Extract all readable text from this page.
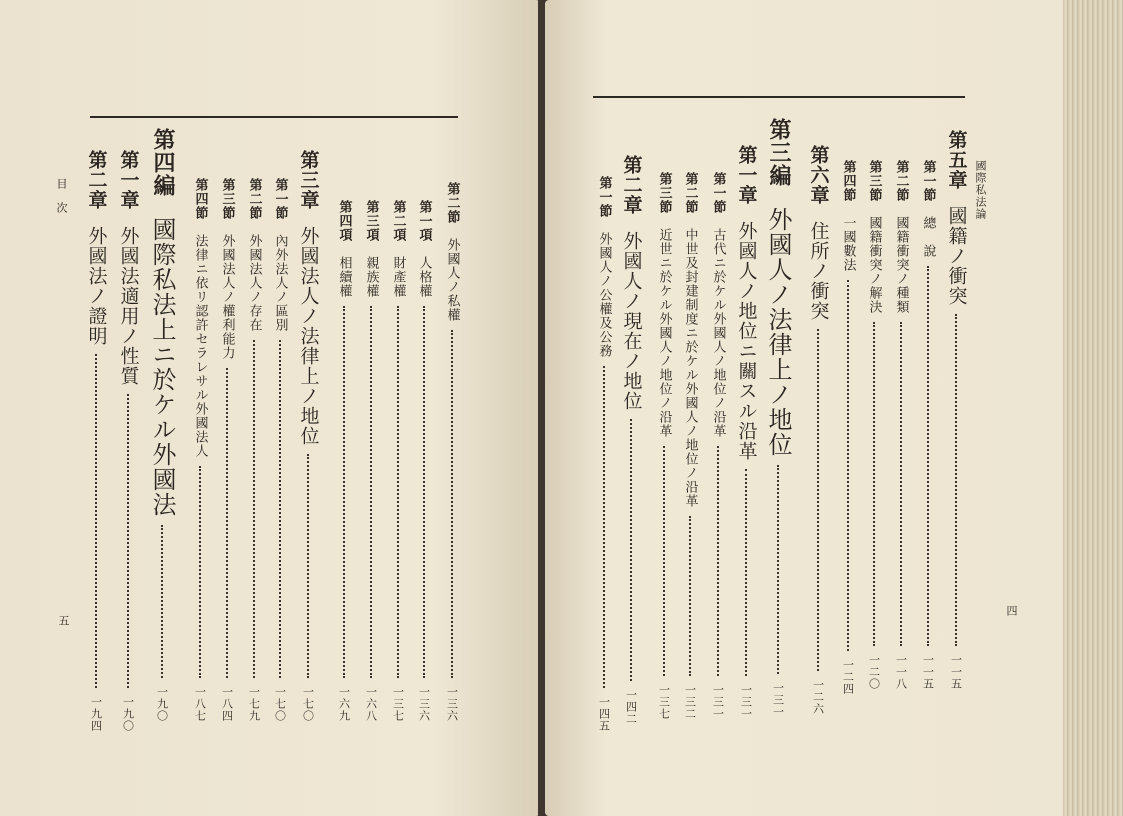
目　次
五
國際私法論
四
第二節
外國人ノ私權
一三六
第一項
人格權
一三六
第二項
財產權
一三七
第三項
親族權
一六八
第四項
相續權
一六九
第三章
外國法人ノ法律上ノ地位
一七〇
第一節
內外法人ノ區別
一七〇
第二節
外國法人ノ存在
一七九
第三節
外國法人ノ權利能力
一八四
第四節
法律ニ依リ認許セラレサル外國法人
一八七
第四編
國際私法上ニ於ケル外國法
一九〇
第一章
外國法適用ノ性質
一九〇
第二章
外國法ノ證明
一九四
第五章
國籍ノ衝突
一一五
第一節
總　說
一一五
第二節
國籍衝突ノ種類
一一八
第三節
國籍衝突ノ解決
一二〇
第四節
一國數法
一二四
第六章
住所ノ衝突
一二六
第三編
外國人ノ法律上ノ地位
一三一
第一章
外國人ノ地位ニ關スル沿革
一三一
第一節
古代ニ於ケル外國人ノ地位ノ沿革
一三一
第二節
中世及封建制度ニ於ケル外國人ノ地位ノ沿革
一三二
第三節
近世ニ於ケル外國人ノ地位ノ沿革
一三七
第二章
外國人ノ現在ノ地位
一四二
第一節
外國人ノ公權及公務
一四五
